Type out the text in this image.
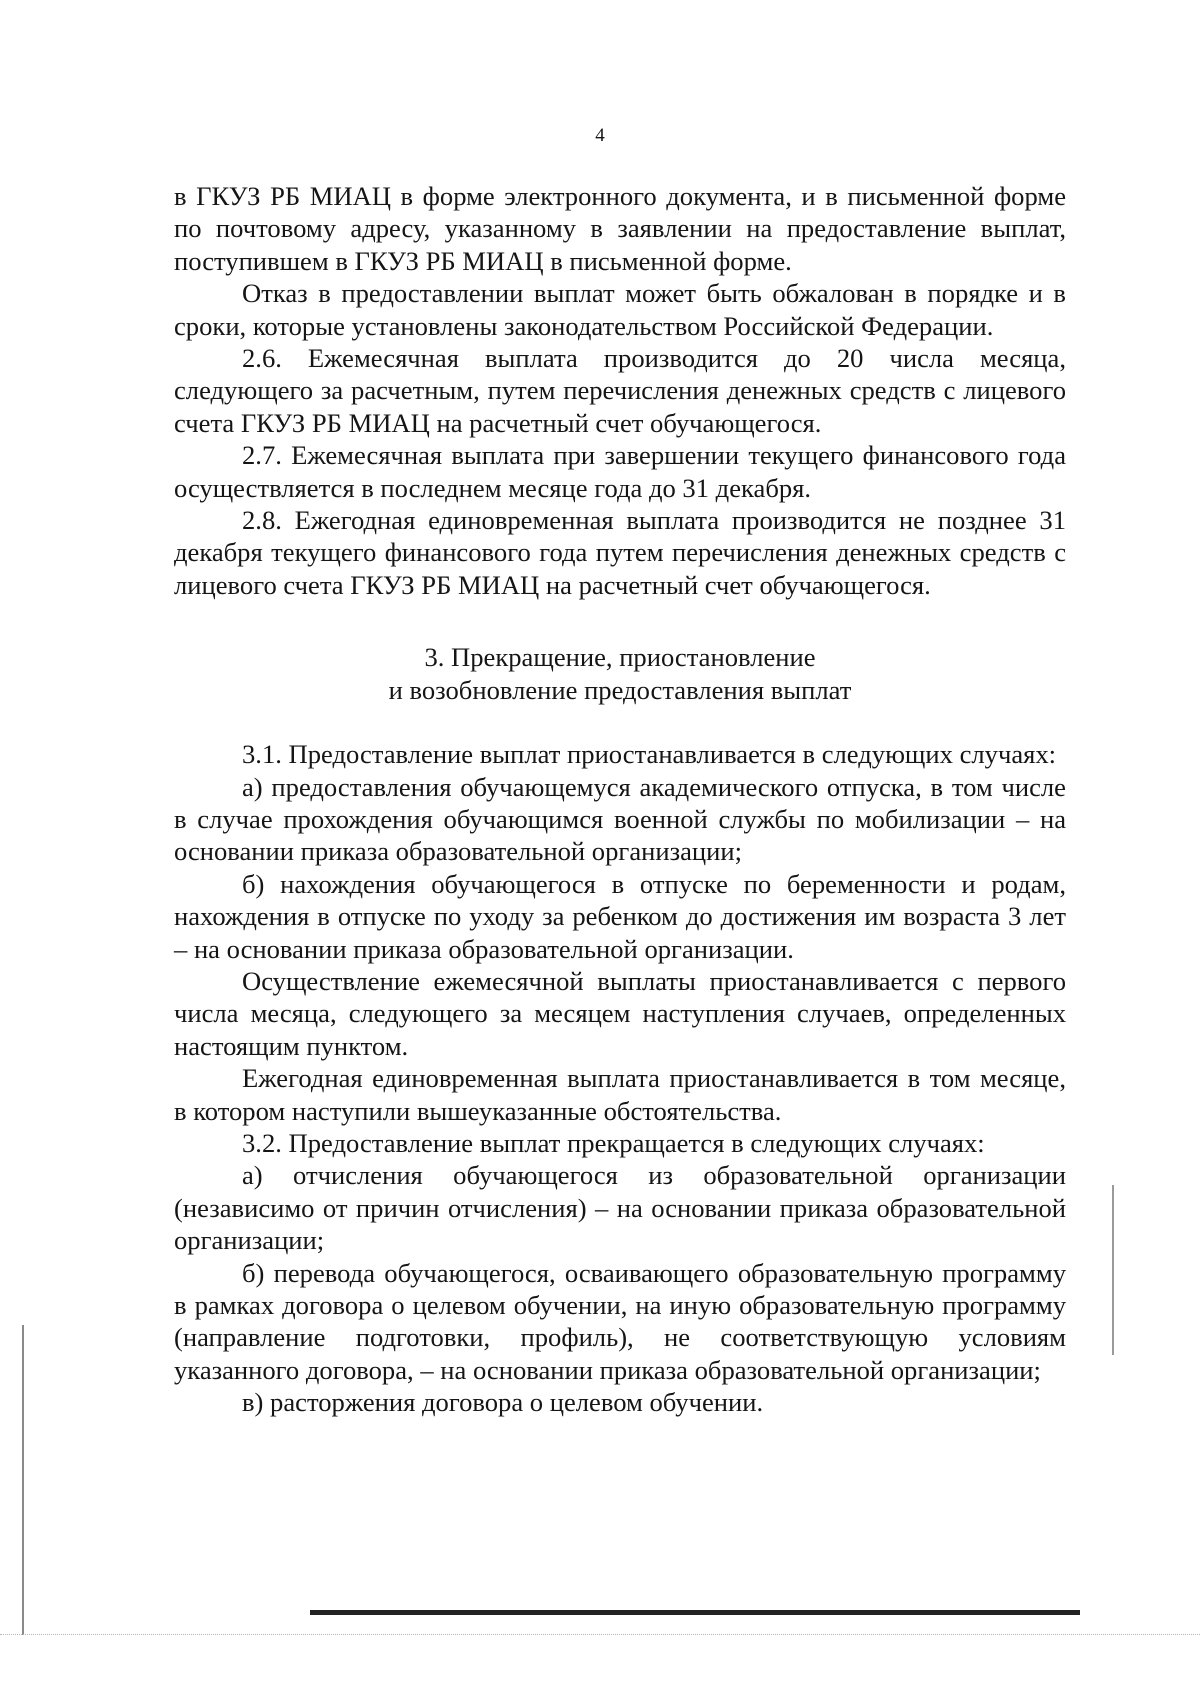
4

в ГКУЗ РБ МИАЦ в форме электронного документа, и в письменной форме по почтовому адресу, указанному в заявлении на предоставление выплат, поступившем в ГКУЗ РБ МИАЦ в письменной форме.

Отказ в предоставлении выплат может быть обжалован в порядке и в сроки, которые установлены законодательством Российской Федерации.

2.6. Ежемесячная выплата производится до 20 числа месяца, следующего за расчетным, путем перечисления денежных средств с лицевого счета ГКУЗ РБ МИАЦ на расчетный счет обучающегося.

2.7. Ежемесячная выплата при завершении текущего финансового года осуществляется в последнем месяце года до 31 декабря.

2.8. Ежегодная единовременная выплата производится не позднее 31 декабря текущего финансового года путем перечисления денежных средств с лицевого счета ГКУЗ РБ МИАЦ на расчетный счет обучающегося.

3. Прекращение, приостановление
и возобновление предоставления выплат

3.1. Предоставление выплат приостанавливается в следующих случаях:

а) предоставления обучающемуся академического отпуска, в том числе в случае прохождения обучающимся военной службы по мобилизации – на основании приказа образовательной организации;

б) нахождения обучающегося в отпуске по беременности и родам, нахождения в отпуске по уходу за ребенком до достижения им возраста 3 лет – на основании приказа образовательной организации.

Осуществление ежемесячной выплаты приостанавливается с первого числа месяца, следующего за месяцем наступления случаев, определенных настоящим пунктом.

Ежегодная единовременная выплата приостанавливается в том месяце, в котором наступили вышеуказанные обстоятельства.

3.2. Предоставление выплат прекращается в следующих случаях:

а) отчисления обучающегося из образовательной организации (независимо от причин отчисления) – на основании приказа образовательной организации;

б) перевода обучающегося, осваивающего образовательную программу в рамках договора о целевом обучении, на иную образовательную программу (направление подготовки, профиль), не соответствующую условиям указанного договора, – на основании приказа образовательной организации;

в) расторжения договора о целевом обучении.
